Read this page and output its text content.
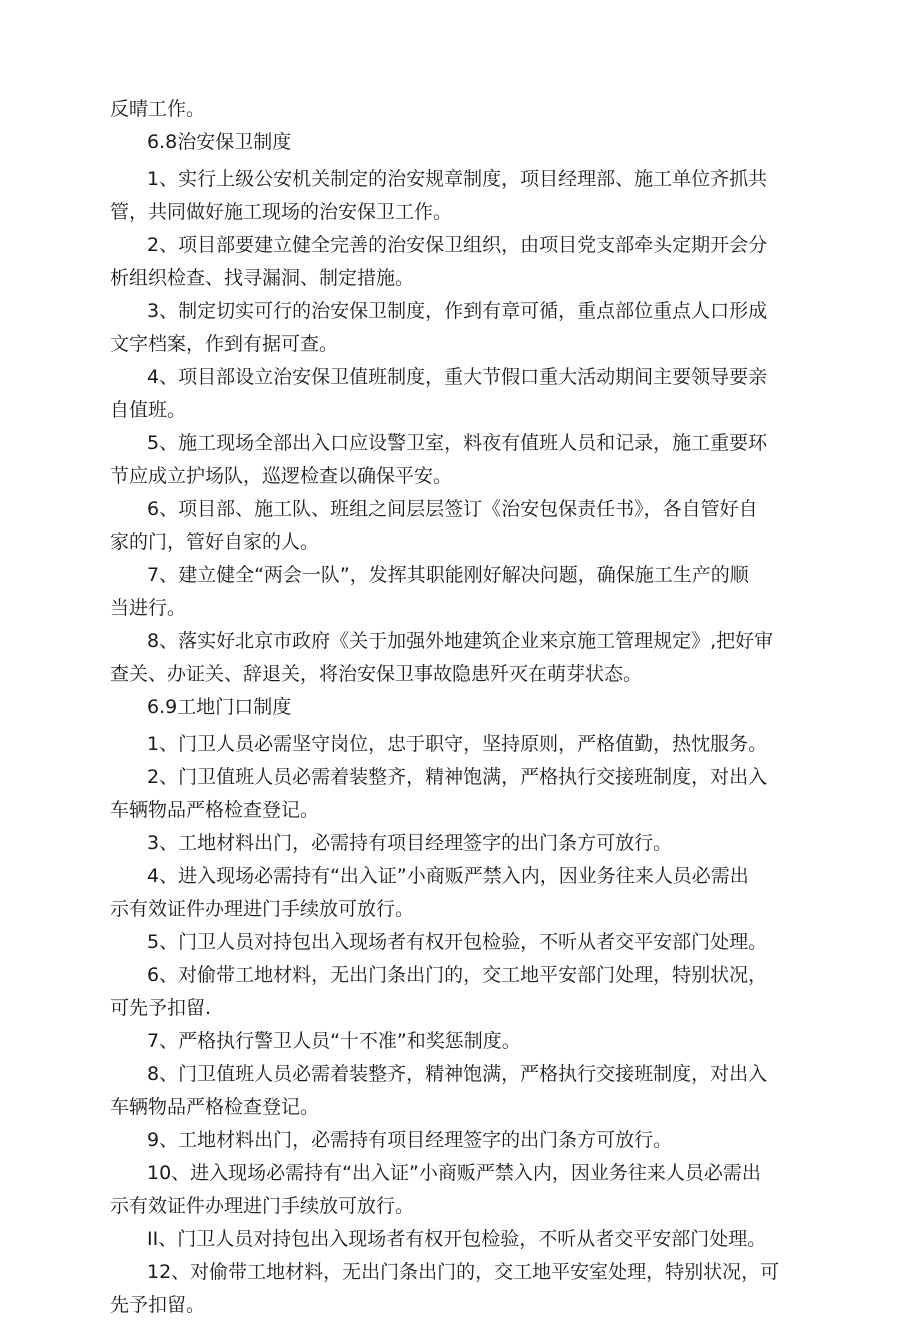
反晴工作。
6.8治安保卫制度
1、实行上级公安机关制定的治安规章制度，项目经理部、施工单位齐抓共
管，共同做好施工现场的治安保卫工作。
2、项目部要建立健全完善的治安保卫组织，由项目党支部牵头定期开会分
析组织检查、找寻漏洞、制定措施。
3、制定切实可行的治安保卫制度，作到有章可循，重点部位重点人口形成
文字档案，作到有据可查。
4、项目部设立治安保卫值班制度，重大节假口重大活动期间主要领导要亲
自值班。
5、施工现场全部出入口应设警卫室，料夜有值班人员和记录，施工重要环
节应成立护场队，巡逻检查以确保平安。
6、项目部、施工队、班组之间层层签订《治安包保责任书》，各自管好自
家的门，管好自家的人。
7、建立健全“两会一队”，发挥其职能刚好解决问题，确保施工生产的顺
当进行。
8、落实好北京市政府《关于加强外地建筑企业来京施工管理规定》,把好审
查关、办证关、辞退关，将治安保卫事故隐患歼灭在萌芽状态。
6.9工地门口制度
1、门卫人员必需坚守岗位，忠于职守，坚持原则，严格值勤，热忱服务。
2、门卫值班人员必需着装整齐，精神饱满，严格执行交接班制度，对出入
车辆物品严格检查登记。
3、工地材料出门，必需持有项目经理签字的出门条方可放行。
4、进入现场必需持有“出入证”小商贩严禁入内，因业务往来人员必需出
示有效证件办理进门手续放可放行。
5、门卫人员对持包出入现场者有权开包检验，不听从者交平安部门处理。
6、对偷带工地材料，无出门条出门的，交工地平安部门处理，特别状况，
可先予扣留.
7、严格执行警卫人员“十不准”和奖惩制度。
8、门卫值班人员必需着装整齐，精神饱满，严格执行交接班制度，对出入
车辆物品严格检查登记。
9、工地材料出门，必需持有项目经理签字的出门条方可放行。
10、进入现场必需持有“出入证”小商贩严禁入内，因业务往来人员必需出
示有效证件办理进门手续放可放行。
II、门卫人员对持包出入现场者有权开包检验，不听从者交平安部门处理。
12、对偷带工地材料，无出门条出门的，交工地平安室处理，特别状况，可
先予扣留。
